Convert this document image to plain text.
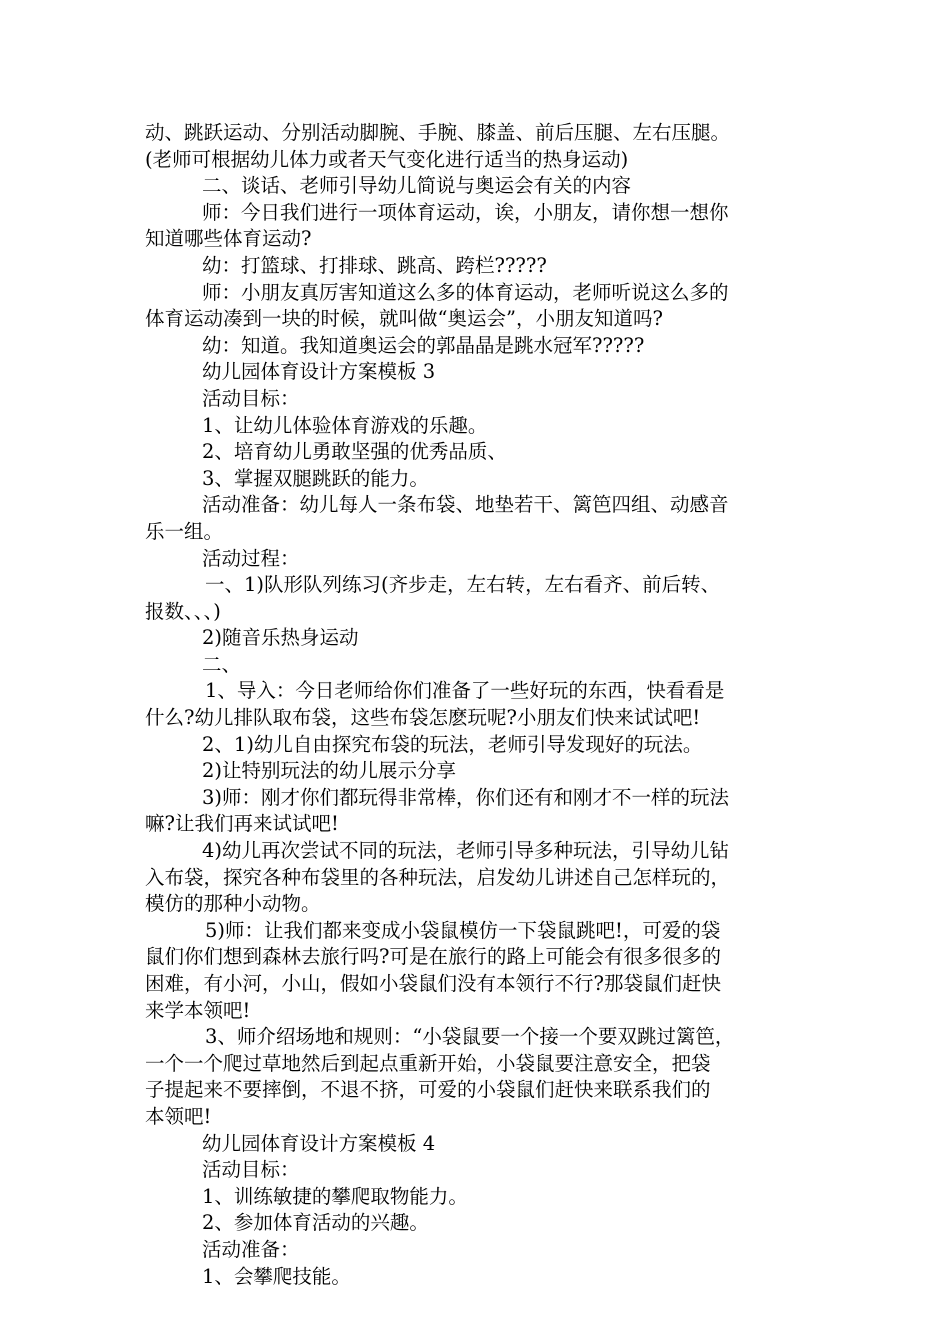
动、跳跃运动、分别活动脚腕、手腕、膝盖、前后压腿、左右压腿。

(老师可根据幼儿体力或者天气变化进行适当的热身运动)

二、谈话、老师引导幼儿简说与奥运会有关的内容

师：今日我们进行一项体育运动，诶，小朋友，请你想一想你

知道哪些体育运动?

幼：打篮球、打排球、跳高、跨栏?????

师：小朋友真厉害知道这么多的体育运动，老师听说这么多的

体育运动凑到一块的时候，就叫做“奥运会”，小朋友知道吗?

幼：知道。我知道奥运会的郭晶晶是跳水冠军?????

幼儿园体育设计方案模板 3

活动目标：

1、让幼儿体验体育游戏的乐趣。

2、培育幼儿勇敢坚强的优秀品质、

3、掌握双腿跳跃的能力。

活动准备：幼儿每人一条布袋、地垫若干、篱笆四组、动感音

乐一组。

活动过程：

一、1)队形队列练习(齐步走，左右转，左右看齐、前后转、

报数、、、)

2)随音乐热身运动

二、

1、导入：今日老师给你们准备了一些好玩的东西，快看看是

什么?幼儿排队取布袋，这些布袋怎麽玩呢?小朋友们快来试试吧!

2、1)幼儿自由探究布袋的玩法，老师引导发现好的玩法。

2)让特别玩法的幼儿展示分享

3)师：刚才你们都玩得非常棒，你们还有和刚才不一样的玩法

嘛?让我们再来试试吧!

4)幼儿再次尝试不同的玩法，老师引导多种玩法，引导幼儿钻

入布袋，探究各种布袋里的各种玩法，启发幼儿讲述自己怎样玩的，

模仿的那种小动物。

5)师：让我们都来变成小袋鼠模仿一下袋鼠跳吧!，可爱的袋

鼠们你们想到森林去旅行吗?可是在旅行的路上可能会有很多很多的

困难，有小河，小山，假如小袋鼠们没有本领行不行?那袋鼠们赶快

来学本领吧!

3、师介绍场地和规则：“小袋鼠要一个接一个要双跳过篱笆，

一个一个爬过草地然后到起点重新开始，小袋鼠要注意安全，把袋

子提起来不要摔倒，不退不挤，可爱的小袋鼠们赶快来联系我们的

本领吧!

幼儿园体育设计方案模板 4

活动目标：

1、训练敏捷的攀爬取物能力。

2、参加体育活动的兴趣。

活动准备：

1、会攀爬技能。
